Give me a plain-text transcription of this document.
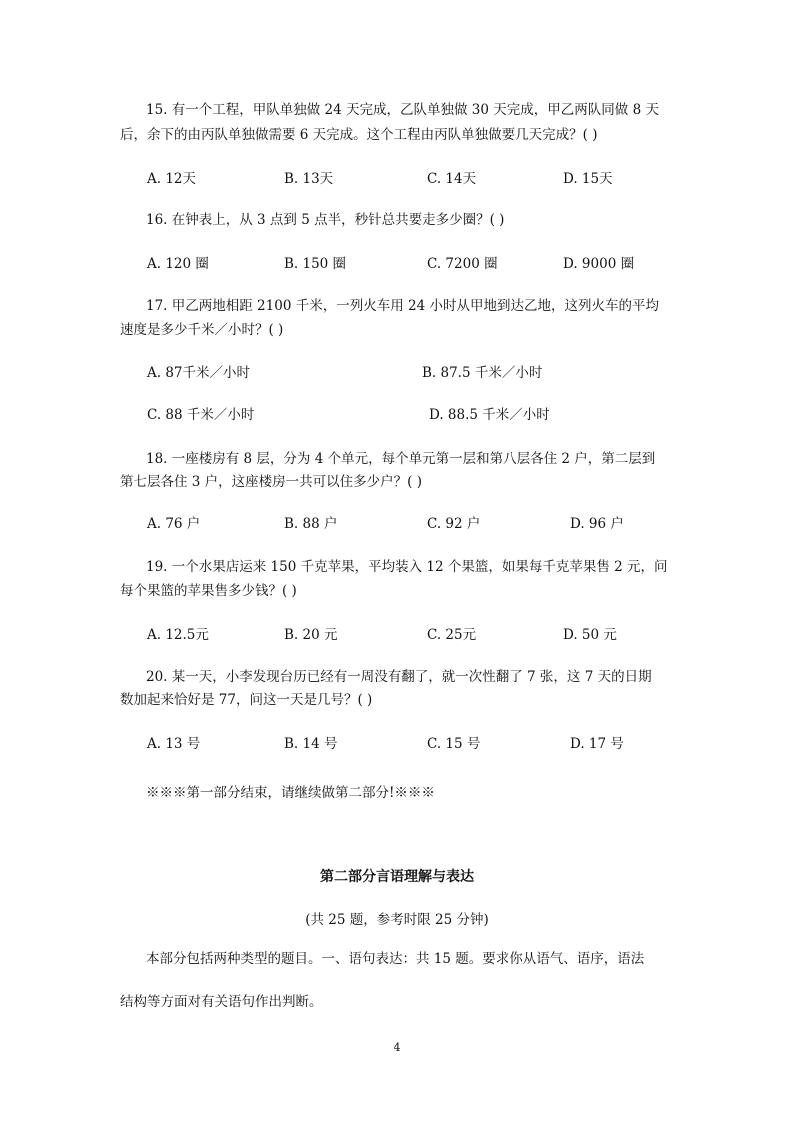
15. 有一个工程，甲队单独做 24 天完成，乙队单独做 30 天完成，甲乙两队同做 8 天
后，余下的由丙队单独做需要 6 天完成。这个工程由丙队单独做要几天完成？( )
A. 12天	B. 13天	C. 14天	D. 15天
16. 在钟表上，从 3 点到 5 点半，秒针总共要走多少圈？( )
A. 120 圈	B. 150 圈	C. 7200 圈	D. 9000 圈
17. 甲乙两地相距 2100 千米，一列火车用 24 小时从甲地到达乙地，这列火车的平均
速度是多少千米／小时？( )
A. 87千米／小时	B. 87.5 千米／小时
C. 88 千米／小时	D. 88.5 千米／小时
18. 一座楼房有 8 层，分为 4 个单元，每个单元第一层和第八层各住 2 户，第二层到
第七层各住 3 户，这座楼房一共可以住多少户？( )
A. 76 户	B. 88 户	C. 92 户	D. 96 户
19. 一个水果店运来 150 千克苹果，平均装入 12 个果篮，如果每千克苹果售 2 元，问
每个果篮的苹果售多少钱？( )
A. 12.5元	B. 20 元	C. 25元	D. 50 元
20. 某一天，小李发现台历已经有一周没有翻了，就一次性翻了 7 张，这 7 天的日期
数加起来恰好是 77，问这一天是几号？( )
A. 13 号	B. 14 号	C. 15 号	D. 17 号
※※※第一部分结束，请继续做第二部分!※※※
第二部分言语理解与表达
(共 25 题，参考时限 25 分钟)
本部分包括两种类型的题目。一、语句表达：共 15 题。要求你从语气、语序，语法
结构等方面对有关语句作出判断。
4
